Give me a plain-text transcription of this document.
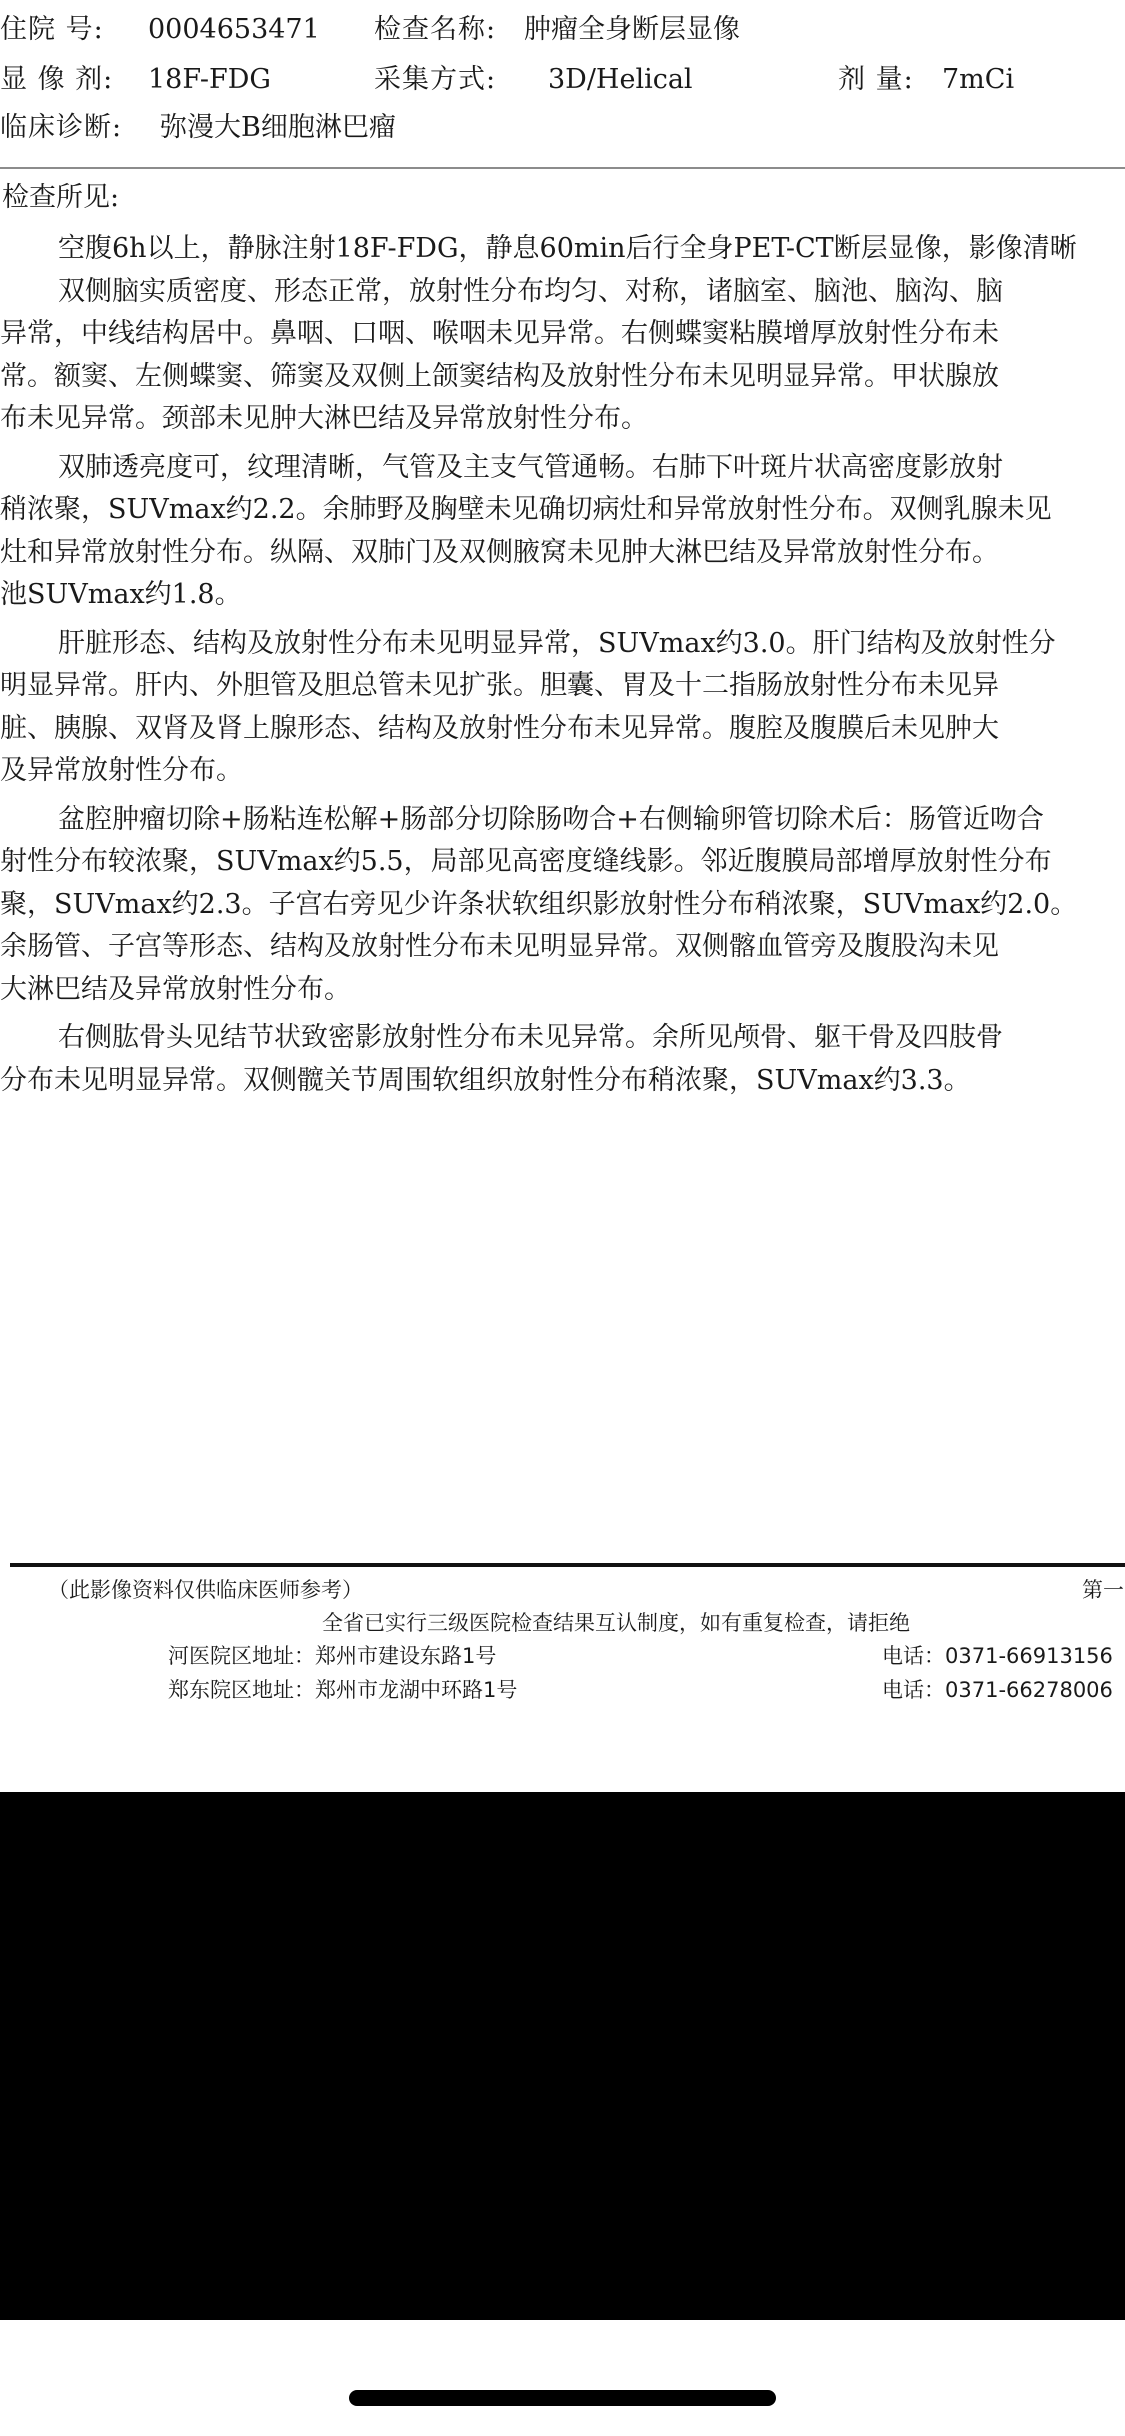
住院 号: 0004653471 检查名称: 肿瘤全身断层显像
显 像 剂: 18F-FDG	采集方式: 3D/Helical	剂 量: 7mCi
临床诊断: 弥漫大B细胞淋巴瘤
检查所见:
空腹6h以上，静脉注射18F-FDG，静息60min后行全身PET-CT断层显像，影像清晰
双侧脑实质密度、形态正常，放射性分布均匀、对称，诸脑室、脑池、脑沟、脑
异常，中线结构居中。鼻咽、口咽、喉咽未见异常。右侧蝶窦粘膜增厚放射性分布未
常。额窦、左侧蝶窦、筛窦及双侧上颌窦结构及放射性分布未见明显异常。甲状腺放
布未见异常。颈部未见肿大淋巴结及异常放射性分布。
双肺透亮度可，纹理清晰，气管及主支气管通畅。右肺下叶斑片状高密度影放射
稍浓聚，SUVmax约2.2。余肺野及胸壁未见确切病灶和异常放射性分布。双侧乳腺未见
灶和异常放射性分布。纵隔、双肺门及双侧腋窝未见肿大淋巴结及异常放射性分布。
池SUVmax约1.8。
肝脏形态、结构及放射性分布未见明显异常，SUVmax约3.0。肝门结构及放射性分
明显异常。肝内、外胆管及胆总管未见扩张。胆囊、胃及十二指肠放射性分布未见异
脏、胰腺、双肾及肾上腺形态、结构及放射性分布未见异常。腹腔及腹膜后未见肿大
及异常放射性分布。
盆腔肿瘤切除+肠粘连松解+肠部分切除肠吻合+右侧输卵管切除术后：肠管近吻合
射性分布较浓聚，SUVmax约5.5，局部见高密度缝线影。邻近腹膜局部增厚放射性分布
聚，SUVmax约2.3。子宫右旁见少许条状软组织影放射性分布稍浓聚，SUVmax约2.0。
余肠管、子宫等形态、结构及放射性分布未见明显异常。双侧髂血管旁及腹股沟未见
大淋巴结及异常放射性分布。
右侧肱骨头见结节状致密影放射性分布未见异常。余所见颅骨、躯干骨及四肢骨
分布未见明显异常。双侧髋关节周围软组织放射性分布稍浓聚，SUVmax约3.3。
（此影像资料仅供临床医师参考）	第一
全省已实行三级医院检查结果互认制度，如有重复检查，请拒绝
河医院区地址：郑州市建设东路1号	电话：0371-66913156
郑东院区地址：郑州市龙湖中环路1号	电话：0371-66278006
